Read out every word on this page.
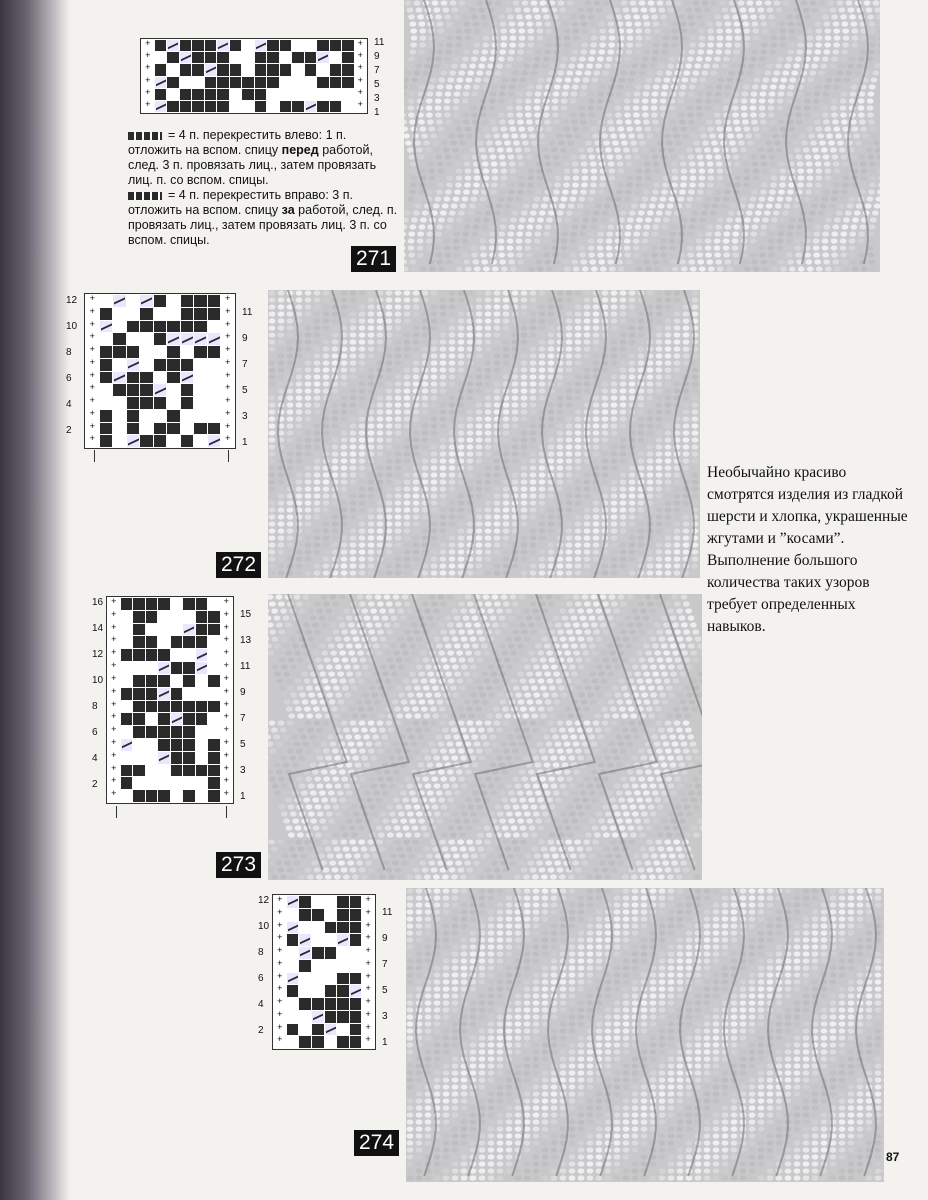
+
+
+
+
+
+
+
+
+
+
+
+
11
9
7
5
3
1
= 4 п. перекрестить влево: 1 п. отложить на вспом. спицу перед работой, след. 3 п. провязать лиц., затем провязать лиц. п. со вспом. спицы.
= 4 п. перекрестить вправо: 3 п. отложить на вспом. спицу за работой, след. п. провязать лиц., затем провязать лиц. 3 п. со вспом. спицы.
271
12
10
8
6
4
2
+
+
+
+
+
+
+
+
+
+
+
+
+
+
+
+
+
+
+
+
+
+
+
+
11
9
7
5
3
1
272
Необычайно красиво смотрятся изделия из гладкой шерсти и хлопка, украшенные жгутами и ”косами”. Выполнение большого количества таких узоров требует определенных навыков.
16
14
12
10
8
6
4
2
+
+
+
+
+
+
+
+
+
+
+
+
+
+
+
+
+
+
+
+
+
+
+
+
+
+
+
+
+
+
+
+
15
13
11
9
7
5
3
1
273
12
10
8
6
4
2
+
+
+
+
+
+
+
+
+
+
+
+
+
+
+
+
+
+
+
+
+
+
+
+
11
9
7
5
3
1
274
87
